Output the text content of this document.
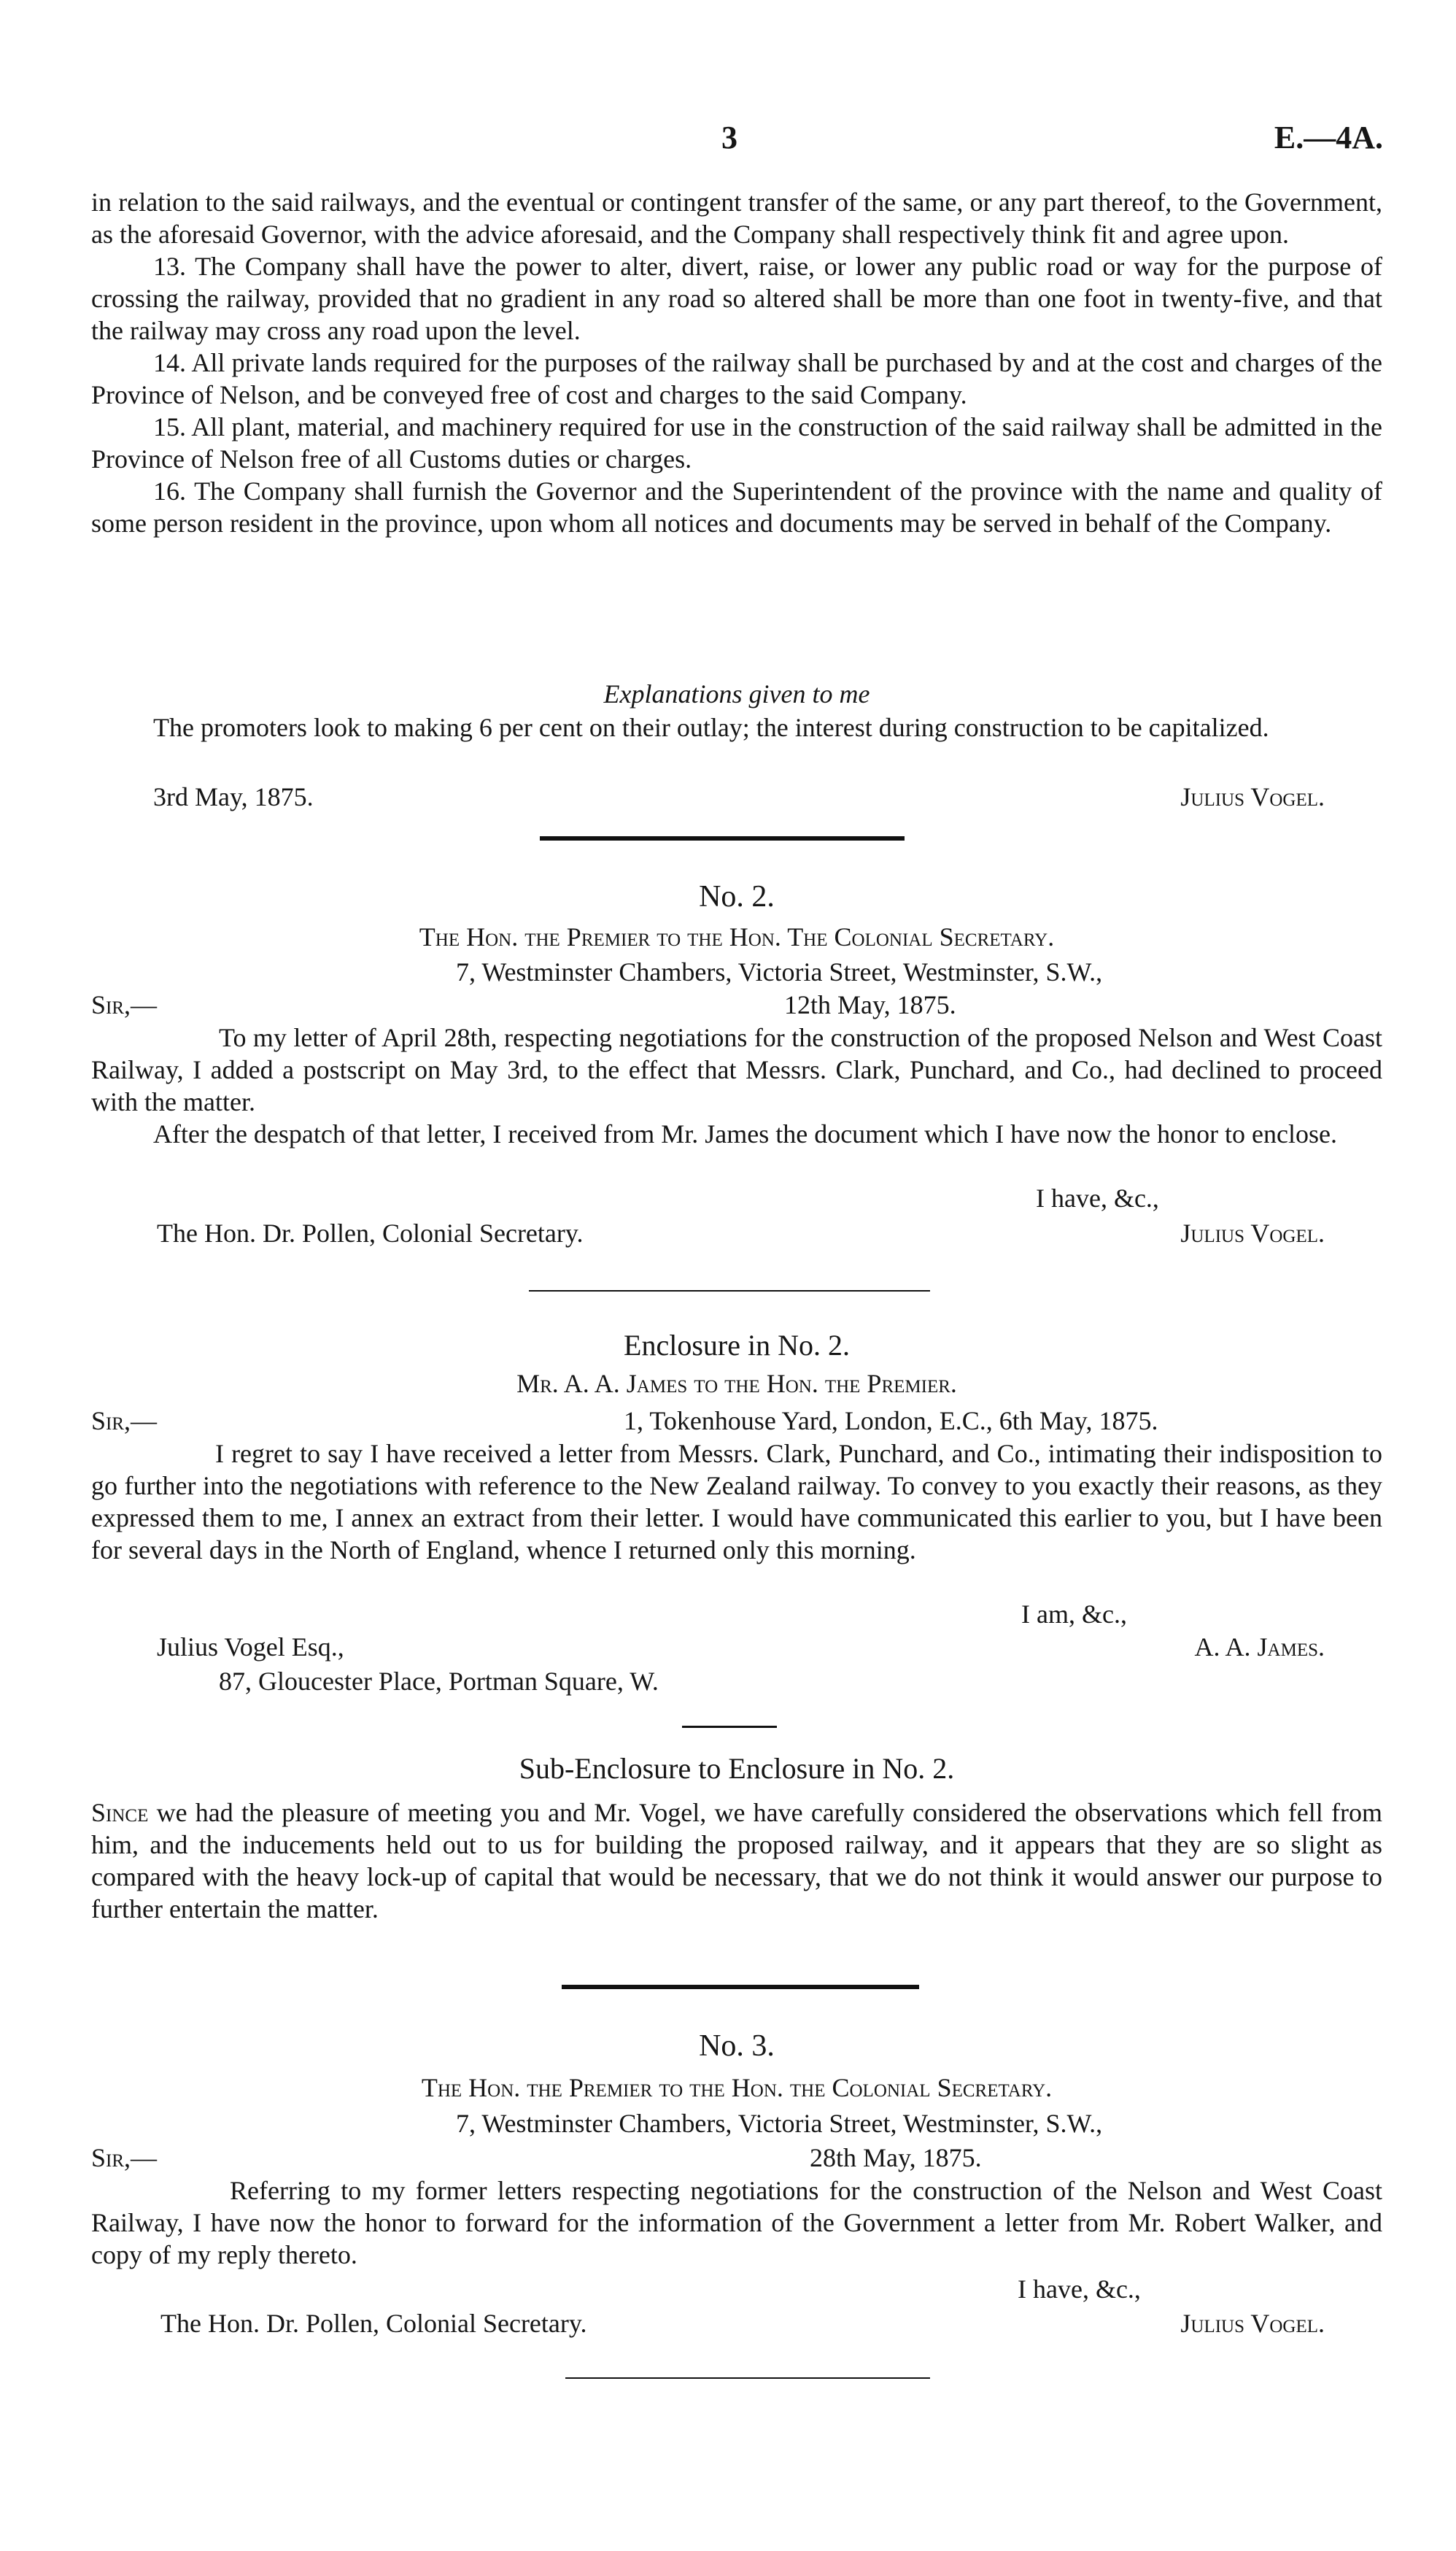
3	E.—4A.

in relation to the said railways, and the eventual or contingent transfer of the same, or any part thereof, to the Government, as the aforesaid Governor, with the advice aforesaid, and the Company shall respectively think fit and agree upon.

13. The Company shall have the power to alter, divert, raise, or lower any public road or way for the purpose of crossing the railway, provided that no gradient in any road so altered shall be more than one foot in twenty-five, and that the railway may cross any road upon the level.

14. All private lands required for the purposes of the railway shall be purchased by and at the cost and charges of the Province of Nelson, and be conveyed free of cost and charges to the said Company.

15. All plant, material, and machinery required for use in the construction of the said railway shall be admitted in the Province of Nelson free of all Customs duties or charges.

16. The Company shall furnish the Governor and the Superintendent of the province with the name and quality of some person resident in the province, upon whom all notices and documents may be served in behalf of the Company.

Explanations given to me
The promoters look to making 6 per cent on their outlay; the interest during construction to be capitalized.
3rd May, 1875.	Julius Vogel.
No. 2.
The Hon. the Premier to the Hon. The Colonial Secretary.
7, Westminster Chambers, Victoria Street, Westminster, S.W.,
Sir,—	12th May, 1875.

To my letter of April 28th, respecting negotiations for the construction of the proposed Nelson and West Coast Railway, I added a postscript on May 3rd, to the effect that Messrs. Clark, Punchard, and Co., had declined to proceed with the matter.

After the despatch of that letter, I received from Mr. James the document which I have now the honor to enclose.

I have, &c.,
The Hon. Dr. Pollen, Colonial Secretary.	Julius Vogel.
Enclosure in No. 2.
Mr. A. A. James to the Hon. the Premier.
Sir,—	1, Tokenhouse Yard, London, E.C., 6th May, 1875.
I regret to say I have received a letter from Messrs. Clark, Punchard, and Co., intimating their indisposition to go further into the negotiations with reference to the New Zealand railway. To convey to you exactly their reasons, as they expressed them to me, I annex an extract from their letter. I would have communicated this earlier to you, but I have been for several days in the North of England, whence I returned only this morning.
I am, &c.,
Julius Vogel Esq.,	A. A. James.
87, Gloucester Place, Portman Square, W.
Sub-Enclosure to Enclosure in No. 2.
Since we had the pleasure of meeting you and Mr. Vogel, we have carefully considered the observations which fell from him, and the inducements held out to us for building the proposed railway, and it appears that they are so slight as compared with the heavy lock-up of capital that would be necessary, that we do not think it would answer our purpose to further entertain the matter.
No. 3.
The Hon. the Premier to the Hon. the Colonial Secretary.
7, Westminster Chambers, Victoria Street, Westminster, S.W.,
Sir,—	28th May, 1875.
Referring to my former letters respecting negotiations for the construction of the Nelson and West Coast Railway, I have now the honor to forward for the information of the Government a letter from Mr. Robert Walker, and copy of my reply thereto.
I have, &c.,
The Hon. Dr. Pollen, Colonial Secretary.	Julius Vogel.
